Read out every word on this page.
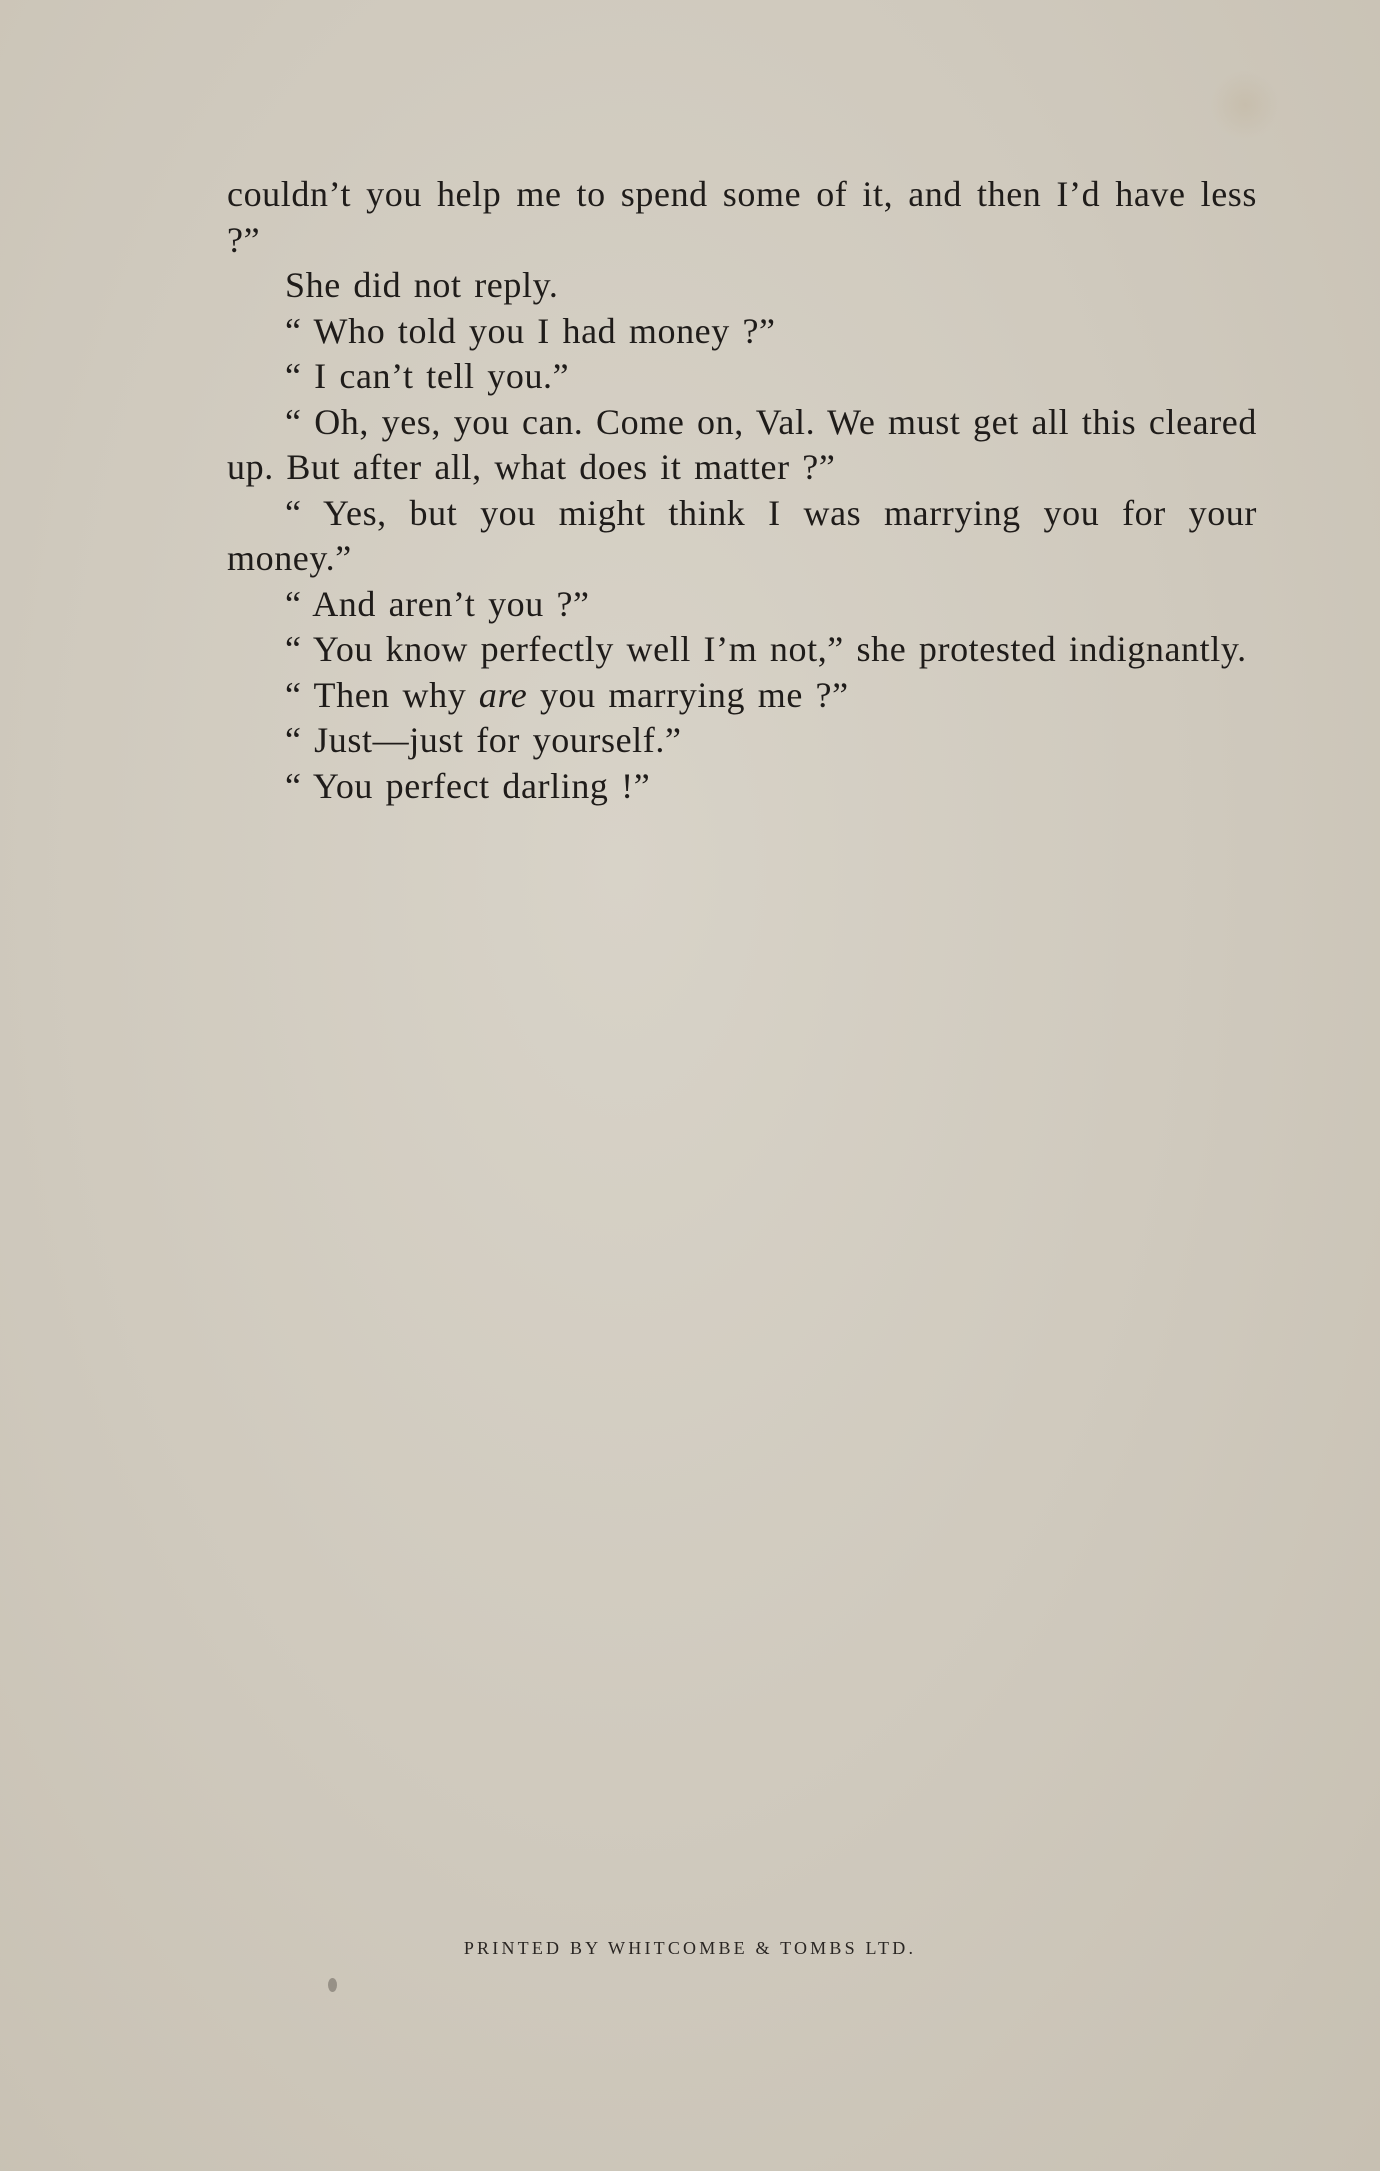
couldn’t you help me to spend some of it, and then I’d have less ?”

She did not reply.

“ Who told you I had money ?”

“ I can’t tell you.”

“ Oh, yes, you can. Come on, Val. We must get all this cleared up. But after all, what does it matter ?”

“ Yes, but you might think I was marrying you for your money.”

“ And aren’t you ?”

“ You know perfectly well I’m not,” she protested indignantly.

“ Then why are you marrying me ?”

“ Just—just for yourself.”

“ You perfect darling !”

PRINTED BY WHITCOMBE & TOMBS LTD.
